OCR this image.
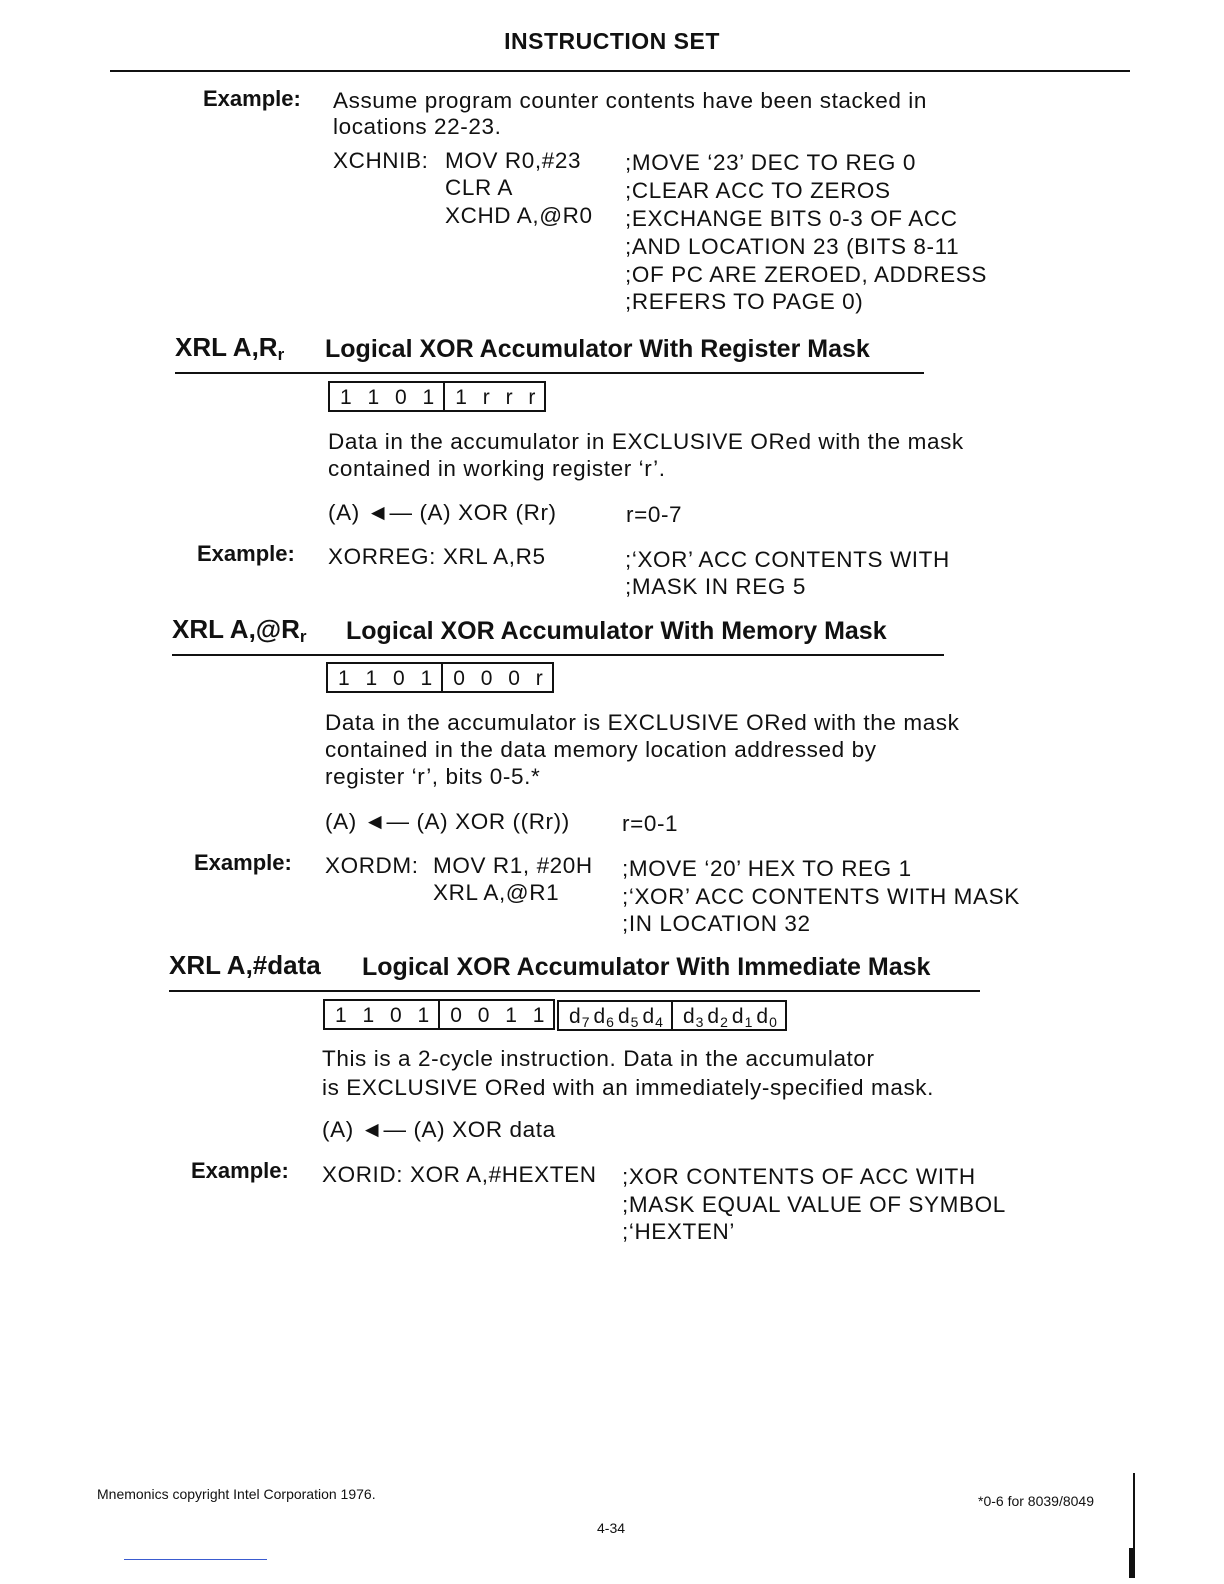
INSTRUCTION SET
Example: Assume program counter contents have been stacked in
locations 22-23.
XCHNIB: MOV R0,#23 ;MOVE ‘23’ DEC TO REG 0
CLR A	;CLEAR ACC TO ZEROS
XCHD A,@R0 ;EXCHANGE BITS 0-3 OF ACC
;AND LOCATION 23 (BITS 8-11
;OF PC ARE ZEROED, ADDRESS
;REFERS TO PAGE 0)
XRL $A,R_r$ Logical XOR Accumulator With Register Mask
1 1 0 1 1 r r r
Data in the accumulator in EXCLUSIVE ORed with the mask
contained in working register ‘r’.
(A) ◄— (A) XOR (Rr)	r=0-7
Example: XORREG: XRL A,R5	;‘XOR’ ACC CONTENTS WITH
;MASK IN REG 5
XRL $A,@R_r$ Logical XOR Accumulator With Memory Mask
1 1 0 1 0 0 0 r
Data in the accumulator is EXCLUSIVE ORed with the mask
contained in the data memory location addressed by
register ‘r’, bits 0-5.*
(A) ◄— (A) XOR ((Rr)) r=0-1
Example: XORDM: MOV R1, #20H ;MOVE ‘20’ HEX TO REG 1
XRL A,@R1	;‘XOR’ ACC CONTENTS WITH MASK
;IN LOCATION 32
XRL A,#data Logical XOR Accumulator With Immediate Mask
1 1 0 1 0 0 1 1 $d_7$ $d_6$ $d_5$ $d_4$ $d_3$ $d_2$ $d_1$ $d_0$
This is a 2-cycle instruction. Data in the accumulator
is EXCLUSIVE ORed with an immediately-specified mask.
(A) ◄— (A) XOR data
Example: XORID: XOR A,#HEXTEN ;XOR CONTENTS OF ACC WITH
;MASK EQUAL VALUE OF SYMBOL
;‘HEXTEN’
Mnemonics copyright Intel Corporation 1976.
4-34
*0-6 for 8039/8049
